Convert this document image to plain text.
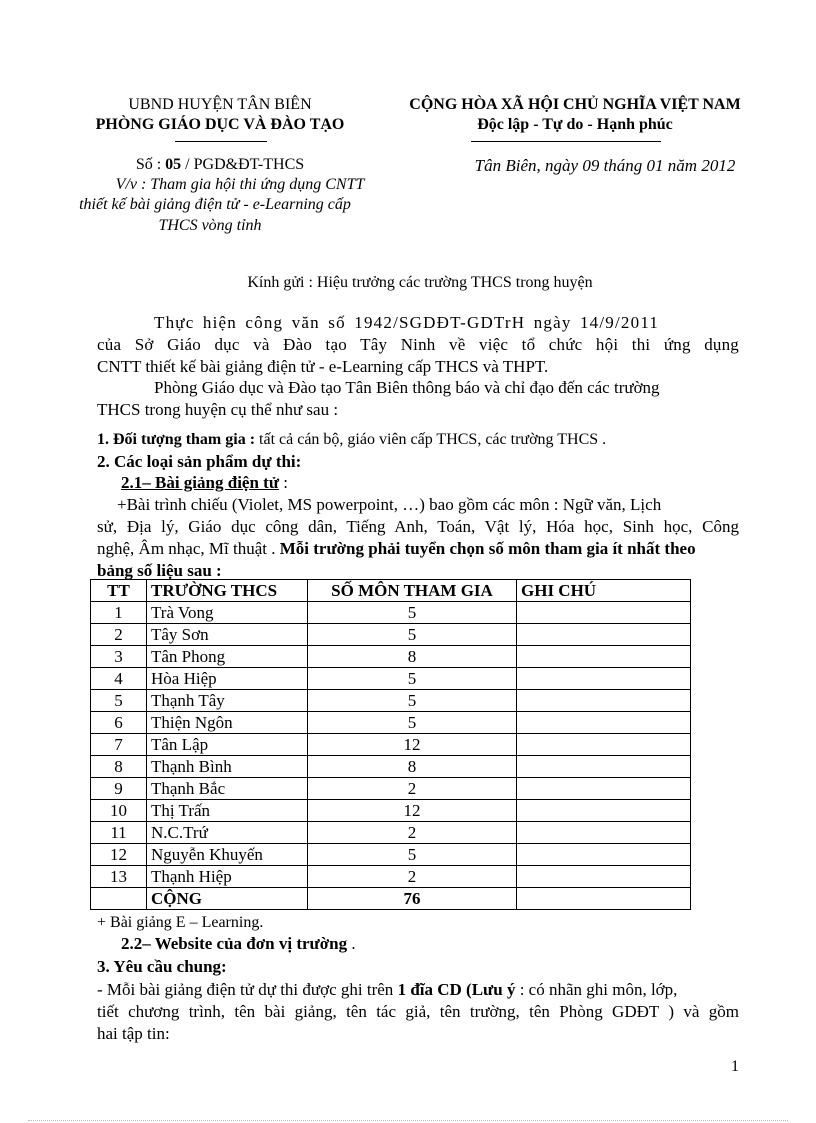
UBND HUYỆN TÂN BIÊN
PHÒNG GIÁO DỤC VÀ ĐÀO TẠO
CỘNG HÒA XÃ HỘI CHỦ NGHĨA VIỆT NAM
Độc lập - Tự do - Hạnh phúc
Số : 05 / PGD&ĐT-THCS
V/v : Tham gia hội thi ứng dụng CNTT
thiết kế bài giảng điện tử - e-Learning cấp
THCS vòng tỉnh
Tân Biên, ngày 09 tháng 01 năm 2012
Kính gửi : Hiệu trưởng các trường THCS trong huyện
Thực hiện công văn số 1942/SGDĐT-GDTrH ngày 14/9/2011
của Sở Giáo dục và Đào tạo Tây Ninh về việc tổ chức hội thi ứng dụng
CNTT thiết kế bài giảng điện tử - e-Learning cấp THCS và THPT.
Phòng Giáo dục và Đào tạo Tân Biên thông báo và chỉ đạo đến các trường
THCS trong huyện cụ thể như sau :
1. Đối tượng tham gia : tất cả cán bộ, giáo viên cấp THCS, các trường THCS .
2. Các loại sản phẩm dự thi:
2.1– Bài giảng điện tử :
+Bài trình chiếu (Violet, MS powerpoint, …) bao gồm các môn : Ngữ văn, Lịch
sử, Địa lý, Giáo dục công dân, Tiếng Anh, Toán, Vật lý, Hóa học, Sinh học, Công
nghệ, Âm nhạc, Mĩ thuật . Mỗi trường phải tuyển chọn số môn tham gia ít nhất theo
bảng số liệu sau :
TT	TRƯỜNG THCS	SỐ MÔN THAM GIA	GHI CHÚ
1	Trà Vong	5	
2	Tây Sơn	5	
3	Tân Phong	8	
4	Hòa Hiệp	5	
5	Thạnh Tây	5	
6	Thiện Ngôn	5	
7	Tân Lập	12	
8	Thạnh Bình	8	
9	Thạnh Bắc	2	
10	Thị Trấn	12	
11	N.C.Trứ	2	
12	Nguyễn Khuyến	5	
13	Thạnh Hiệp	2	
	CỘNG	76	
+ Bài giảng E – Learning.
2.2– Website của đơn vị trường .
3. Yêu cầu chung:
- Mỗi bài giảng điện tử dự thi được ghi trên 1 đĩa CD (Lưu ý : có nhãn ghi môn, lớp,
tiết chương trình, tên bài giảng, tên tác giả, tên trường, tên Phòng GDĐT ) và gồm
hai tập tin:
1
